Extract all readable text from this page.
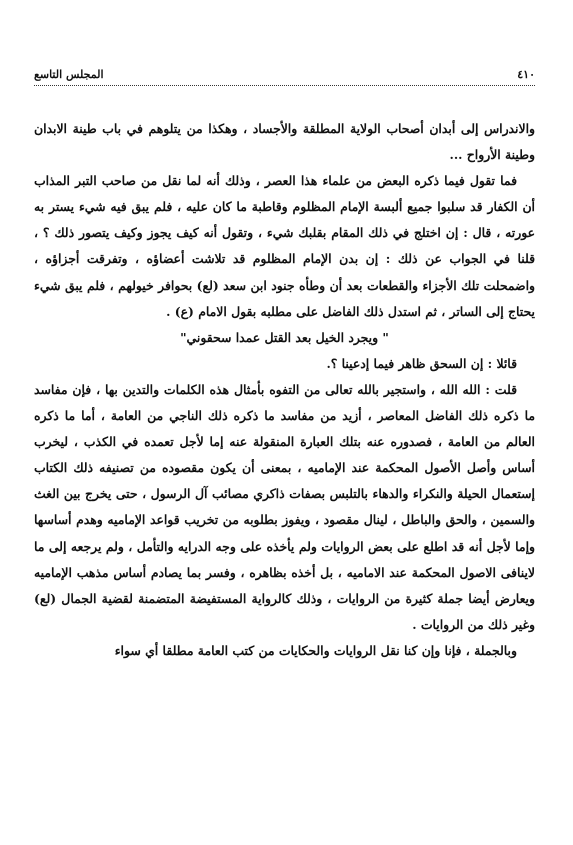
٤١٠
المجلس التاسع

والاندراس إلى أبدان أصحاب الولاية المطلقة والأجساد ، وهكذا من يتلوهم في باب طينة الابدان وطينة الأرواح ...

فما تقول فيما ذكره البعض من علماء هذا العصر ، وذلك أنه لما نقل من صاحب التبر المذاب أن الكفار قد سلبوا جميع ألبسة الإمام المظلوم وقاطبة ما كان عليه ، فلم يبق فيه شيء يستر به عورته ، قال : إن اختلج في ذلك المقام بقلبك شيء ، وتقول أنه كيف يجوز وكيف يتصور ذلك ؟ ، قلنا في الجواب عن ذلك : إن بدن الإمام المظلوم قد تلاشت أعضاؤه ، وتفرقت أجزاؤه ، واضمحلت تلك الأجزاء والقطعات بعد أن وطأه جنود ابن سعد (لع) بحوافر خيولهم ، فلم يبق شيء يحتاج إلى الساتر ، ثم استدل ذلك الفاضل على مطلبه بقول الامام (ع) .

" ويجرد الخيل بعد القتل عمدا سحقوني"

قائلا : إن السحق ظاهر فيما إدعينا ؟.

قلت : الله الله ، واستجير بالله تعالى من التفوه بأمثال هذه الكلمات والتدين بها ، فإن مفاسد ما ذكره ذلك الفاضل المعاصر ، أزيد من مفاسد ما ذكره ذلك الناجي من العامة ، أما ما ذكره العالم من العامة ، فصدوره عنه بتلك العبارة المنقولة عنه إما لأجل تعمده في الكذب ، ليخرب أساس وأصل الأصول المحكمة عند الإماميه ، بمعنى أن يكون مقصوده من تصنيفه ذلك الكتاب إستعمال الحيلة والنكراء والدهاء بالتلبس بصفات ذاكري مصائب آل الرسول ، حتى يخرج بين الغث والسمين ، والحق والباطل ، لينال مقصود ، ويفوز بطلوبه من تخريب قواعد الإماميه وهدم أساسها وإما لأجل أنه قد اطلع على بعض الروايات ولم يأخذه على وجه الدرايه والتأمل ، ولم يرجعه إلى ما لاينافى الاصول المحكمة عند الاماميه ، بل أخذه بظاهره ، وفسر بما يصادم أساس مذهب الإماميه ويعارض أيضا جملة كثيرة من الروايات ، وذلك كالرواية المستفيضة المتضمنة لقضية الجمال (لع) وغير ذلك من الروايات .

وبالجملة ، فإنا وإن كنا نقل الروايات والحكايات من كتب العامة مطلقا أي سواء
